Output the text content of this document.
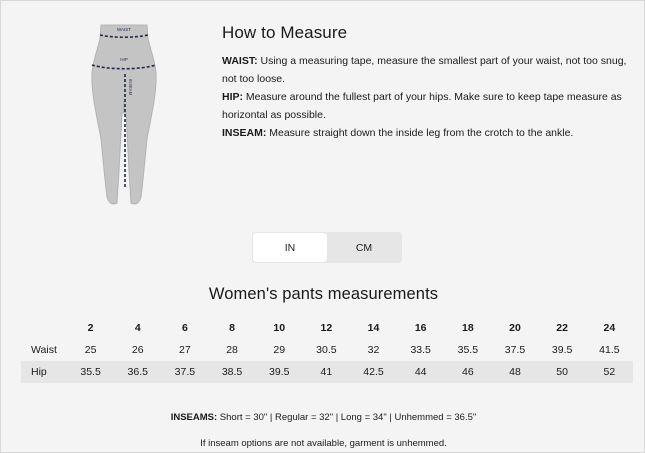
WAIST
HIP
INSEAM
How to Measure
WAIST: Using a measuring tape, measure the smallest part of your waist, not too snug, not too loose.
HIP: Measure around the fullest part of your hips. Make sure to keep tape measure as horizontal as possible.
INSEAM: Measure straight down the inside leg from the crotch to the ankle.
IN	CM
Women's pants measurements
	2	4	6	8	10	12	14	16	18	20	22	24
Waist	25	26	27	28	29	30.5	32	33.5	35.5	37.5	39.5	41.5
Hip	35.5	36.5	37.5	38.5	39.5	41	42.5	44	46	48	50	52
INSEAMS: Short = 30" | Regular = 32" | Long = 34" | Unhemmed = 36.5"
If inseam options are not available, garment is unhemmed.
